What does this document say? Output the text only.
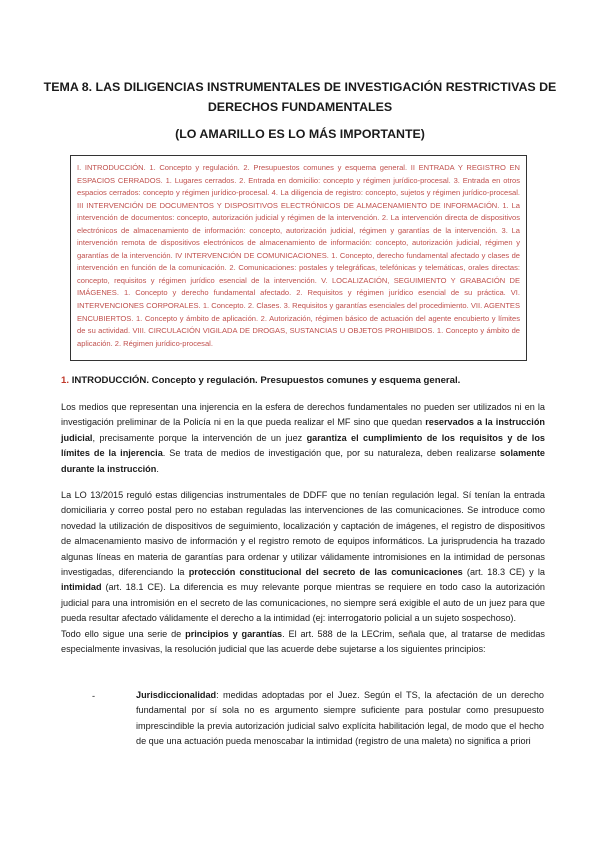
TEMA 8. LAS DILIGENCIAS INSTRUMENTALES DE INVESTIGACIÓN RESTRICTIVAS DE DERECHOS FUNDAMENTALES
(LO AMARILLO ES LO MÁS IMPORTANTE)
I. INTRODUCCIÓN. 1. Concepto y regulación. 2. Presupuestos comunes y esquema general. II ENTRADA Y REGISTRO EN ESPACIOS CERRADOS. 1. Lugares cerrados. 2. Entrada en domicilio: concepto y régimen jurídico-procesal. 3. Entrada en otros espacios cerrados: concepto y régimen jurídico-procesal. 4. La diligencia de registro: concepto, sujetos y régimen jurídico-procesal. III INTERVENCIÓN DE DOCUMENTOS Y DISPOSITIVOS ELECTRÓNICOS DE ALMACENAMIENTO DE INFORMACIÓN. 1. La intervención de documentos: concepto, autorización judicial y régimen de la intervención. 2. La intervención directa de dispositivos electrónicos de almacenamiento de información: concepto, autorización judicial, régimen y garantías de la intervención. 3. La intervención remota de dispositivos electrónicos de almacenamiento de información: concepto, autorización judicial, régimen y garantías de la intervención. IV INTERVENCIÓN DE COMUNICACIONES. 1. Concepto, derecho fundamental afectado y clases de intervención en función de la comunicación. 2. Comunicaciones: postales y telegráficas, telefónicas y telemáticas, orales directas: concepto, requisitos y régimen jurídico esencial de la intervención. V. LOCALIZACIÓN, SEGUIMIENTO Y GRABACIÓN DE IMÁGENES. 1. Concepto y derecho fundamental afectado. 2. Requisitos y régimen jurídico esencial de su práctica. VI. INTERVENCIONES CORPORALES. 1. Concepto. 2. Clases. 3. Requisitos y garantías esenciales del procedimiento. VII. AGENTES ENCUBIERTOS. 1. Concepto y ámbito de aplicación. 2. Autorización, régimen básico de actuación del agente encubierto y límites de su actividad. VIII. CIRCULACIÓN VIGILADA DE DROGAS, SUSTANCIAS U OBJETOS PROHIBIDOS. 1. Concepto y ámbito de aplicación. 2. Régimen jurídico-procesal.
1. INTRODUCCIÓN. Concepto y regulación. Presupuestos comunes y esquema general.
Los medios que representan una injerencia en la esfera de derechos fundamentales no pueden ser utilizados ni en la investigación preliminar de la Policía ni en la que pueda realizar el MF sino que quedan reservados a la instrucción judicial, precisamente porque la intervención de un juez garantiza el cumplimiento de los requisitos y de los límites de la injerencia. Se trata de medios de investigación que, por su naturaleza, deben realizarse solamente durante la instrucción.
La LO 13/2015 reguló estas diligencias instrumentales de DDFF que no tenían regulación legal. Sí tenían la entrada domiciliaria y correo postal pero no estaban reguladas las intervenciones de las comunicaciones. Se introduce como novedad la utilización de dispositivos de seguimiento, localización y captación de imágenes, el registro de dispositivos de almacenamiento masivo de información y el registro remoto de equipos informáticos. La jurisprudencia ha trazado algunas líneas en materia de garantías para ordenar y utilizar válidamente intromisiones en la intimidad de personas investigadas, diferenciando la protección constitucional del secreto de las comunicaciones (art. 18.3 CE) y la intimidad (art. 18.1 CE). La diferencia es muy relevante porque mientras se requiere en todo caso la autorización judicial para una intromisión en el secreto de las comunicaciones, no siempre será exigible el auto de un juez para que pueda resultar afectado válidamente el derecho a la intimidad (ej: interrogatorio policial a un sujeto sospechoso).
Todo ello sigue una serie de principios y garantías. El art. 588 de la LECrim, señala que, al tratarse de medidas especialmente invasivas, la resolución judicial que las acuerde debe sujetarse a los siguientes principios:
-	Jurisdiccionalidad: medidas adoptadas por el Juez. Según el TS, la afectación de un derecho fundamental por sí sola no es argumento siempre suficiente para postular como presupuesto imprescindible la previa autorización judicial salvo explícita habilitación legal, de modo que el hecho de que una actuación pueda menoscabar la intimidad (registro de una maleta) no significa a priori
